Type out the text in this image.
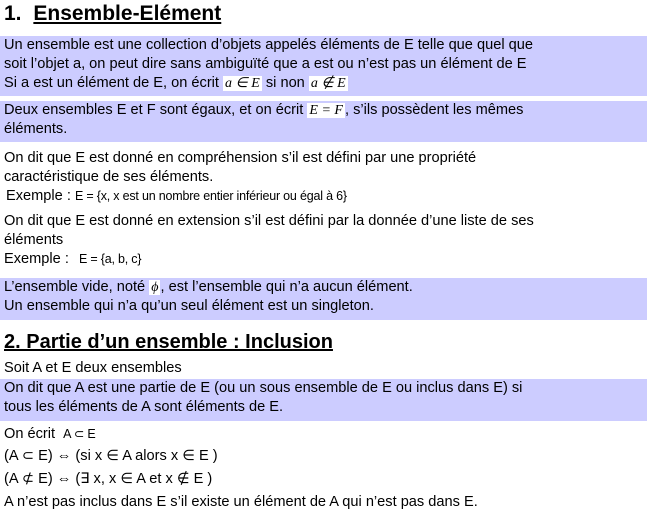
1. Ensemble-Elément
Un ensemble est une collection d’objets appelés éléments de E telle que quel que
soit l’objet a, on peut dire sans ambiguïté que a est ou n’est pas un élément de E
Si a est un élément de E, on écrit a ∈ E si non a ∉ E
Deux ensembles E et F sont égaux, et on écrit E = F , s’ils possèdent les mêmes
éléments.
On dit que E est donné en compréhension s’il est défini par une propriété
caractéristique de ses éléments.
Exemple : E = {x, x est un nombre entier inférieur ou égal à 6}
On dit que E est donné en extension s’il est défini par la donnée d’une liste de ses
éléments
Exemple : E = {a, b, c}
L’ensemble vide, noté ϕ , est l’ensemble qui n’a aucun élément.
Un ensemble qui n’a qu’un seul élément est un singleton.
2. Partie d’un ensemble : Inclusion
Soit A et E deux ensembles
On dit que A est une partie de E (ou un sous ensemble de E ou inclus dans E) si
tous les éléments de A sont éléments de E.
On écrit A ⊂ E
(A ⊂ E) ⇔ (si x ∈ A alors x ∈ E )
(A ⊄ E) ⇔ (∃ x, x ∈ A et x ∉ E )
A n’est pas inclus dans E s’il existe un élément de A qui n’est pas dans E.
